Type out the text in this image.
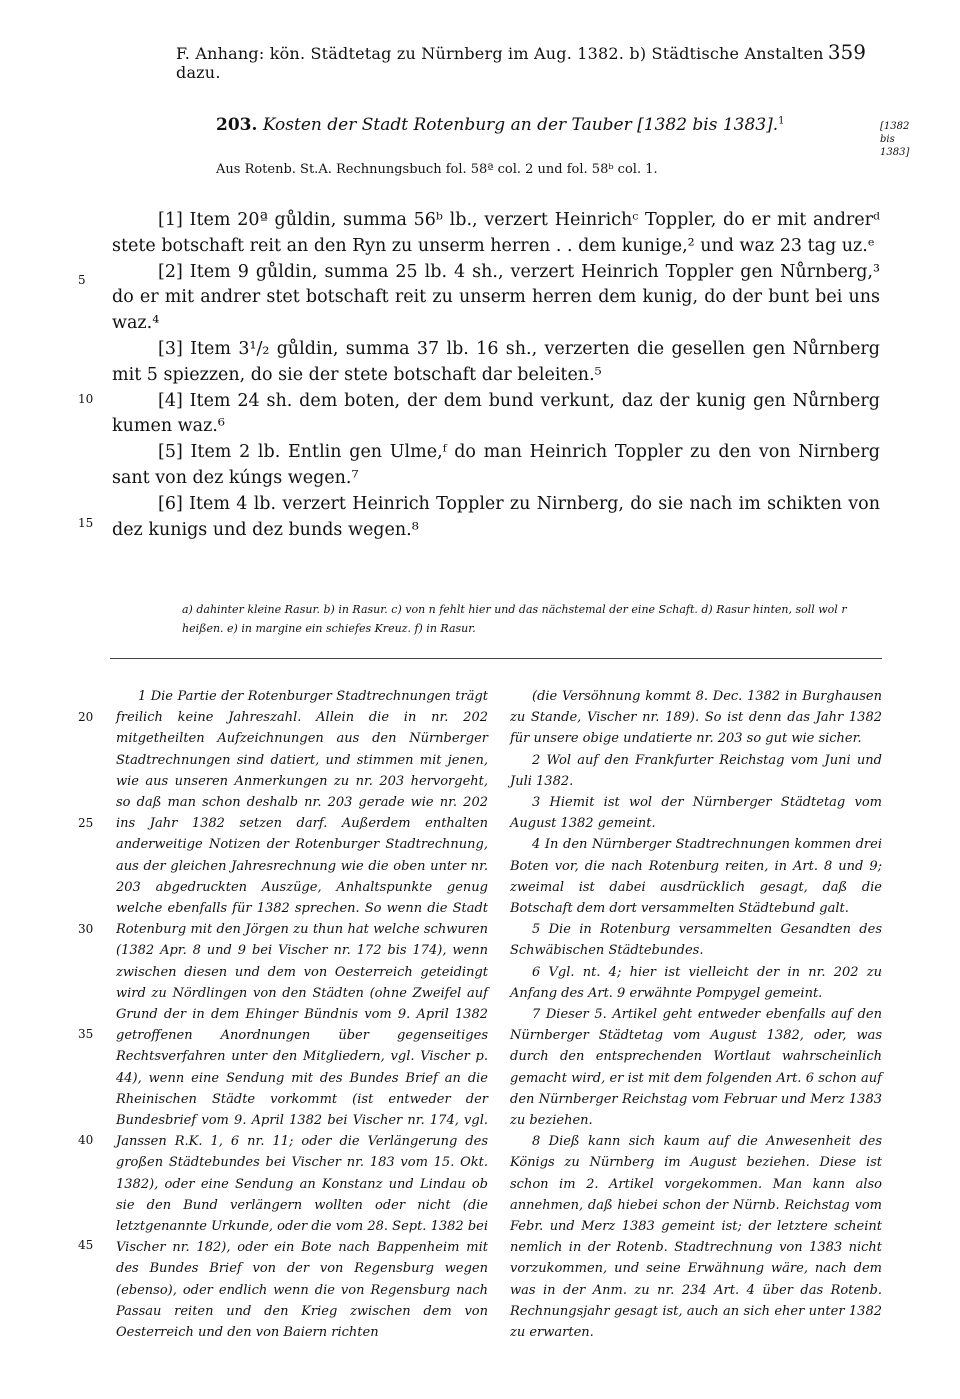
F. Anhang: kön. Städtetag zu Nürnberg im Aug. 1382. b) Städtische Anstalten dazu.
359
203. Kosten der Stadt Rotenburg an der Tauber [1382 bis 1383].$^1$
[1382 bis 1383]
Aus Rotenb. St.A. Rechnungsbuch fol. 58ª col. 2 und fol. 58ᵇ col. 1.

[1] Item 20ª gůldin, summa 56ᵇ lb., verzert Heinrichᶜ Toppler, do er mit andrerᵈ stete botschaft reit an den Ryn zu unserm herren . . dem kunige,² und waz 23 tag uz.ᵉ

[2] Item 9 gůldin, summa 25 lb. 4 sh., verzert Heinrich Toppler gen Nůrnberg,³ do er mit andrer stet botschaft reit zu unserm herren dem kunig, do der bunt bei uns waz.⁴

[3] Item 3¹/₂ gůldin, summa 37 lb. 16 sh., verzerten die gesellen gen Nůrnberg mit 5 spiezzen, do sie der stete botschaft dar beleiten.⁵

[4] Item 24 sh. dem boten, der dem bund verkunt, daz der kunig gen Nůrnberg kumen waz.⁶

[5] Item 2 lb. Entlin gen Ulme,ᶠ do man Heinrich Toppler zu den von Nirnberg sant von dez kúngs wegen.⁷

[6] Item 4 lb. verzert Heinrich Toppler zu Nirnberg, do sie nach im schikten von dez kunigs und dez bunds wegen.⁸

5
10
15
a) dahinter kleine Rasur. b) in Rasur. c) von n fehlt hier und das nächstemal der eine Schaft. d) Rasur hinten, soll wol r heißen. e) in margine ein schiefes Kreuz. f) in Rasur.

1 Die Partie der Rotenburger Stadtrechnungen trägt freilich keine Jahreszahl. Allein die in nr. 202 mitgetheilten Aufzeichnungen aus den Nürnberger Stadtrechnungen sind datiert, und stimmen mit jenen, wie aus unseren Anmerkungen zu nr. 203 hervorgeht, so daß man schon deshalb nr. 203 gerade wie nr. 202 ins Jahr 1382 setzen darf. Außerdem enthalten anderweitige Notizen der Rotenburger Stadtrechnung, aus der gleichen Jahresrechnung wie die oben unter nr. 203 abgedruckten Auszüge, Anhaltspunkte genug welche ebenfalls für 1382 sprechen. So wenn die Stadt Rotenburg mit den Jörgen zu thun hat welche schwuren (1382 Apr. 8 und 9 bei Vischer nr. 172 bis 174), wenn zwischen diesen und dem von Oesterreich geteidingt wird zu Nördlingen von den Städten (ohne Zweifel auf Grund der in dem Ehinger Bündnis vom 9. April 1382 getroffenen Anordnungen über gegenseitiges Rechtsverfahren unter den Mitgliedern, vgl. Vischer p. 44), wenn eine Sendung mit des Bundes Brief an die Rheinischen Städte vorkommt (ist entweder der Bundesbrief vom 9. April 1382 bei Vischer nr. 174, vgl. Janssen R.K. 1, 6 nr. 11; oder die Verlängerung des großen Städtebundes bei Vischer nr. 183 vom 15. Okt. 1382), oder eine Sendung an Konstanz und Lindau ob sie den Bund verlängern wollten oder nicht (die letztgenannte Urkunde, oder die vom 28. Sept. 1382 bei Vischer nr. 182), oder ein Bote nach Bappenheim mit des Bundes Brief von der von Regensburg wegen (ebenso), oder endlich wenn die von Regensburg nach Passau reiten und den Krieg zwischen dem von Oesterreich und den von Baiern richten

(die Versöhnung kommt 8. Dec. 1382 in Burghausen zu Stande, Vischer nr. 189). So ist denn das Jahr 1382 für unsere obige undatierte nr. 203 so gut wie sicher.

2 Wol auf den Frankfurter Reichstag vom Juni und Juli 1382.

3 Hiemit ist wol der Nürnberger Städtetag vom August 1382 gemeint.

4 In den Nürnberger Stadtrechnungen kommen drei Boten vor, die nach Rotenburg reiten, in Art. 8 und 9; zweimal ist dabei ausdrücklich gesagt, daß die Botschaft dem dort versammelten Städtebund galt.

5 Die in Rotenburg versammelten Gesandten des Schwäbischen Städtebundes.

6 Vgl. nt. 4; hier ist vielleicht der in nr. 202 zu Anfang des Art. 9 erwähnte Pompygel gemeint.

7 Dieser 5. Artikel geht entweder ebenfalls auf den Nürnberger Städtetag vom August 1382, oder, was durch den entsprechenden Wortlaut wahrscheinlich gemacht wird, er ist mit dem folgenden Art. 6 schon auf den Nürnberger Reichstag vom Februar und Merz 1383 zu beziehen.

8 Dieß kann sich kaum auf die Anwesenheit des Königs zu Nürnberg im August beziehen. Diese ist schon im 2. Artikel vorgekommen. Man kann also annehmen, daß hiebei schon der Nürnb. Reichstag vom Febr. und Merz 1383 gemeint ist; der letztere scheint nemlich in der Rotenb. Stadtrechnung von 1383 nicht vorzukommen, und seine Erwähnung wäre, nach dem was in der Anm. zu nr. 234 Art. 4 über das Rotenb. Rechnungsjahr gesagt ist, auch an sich eher unter 1382 zu erwarten.

20
25
30
35
40
45
